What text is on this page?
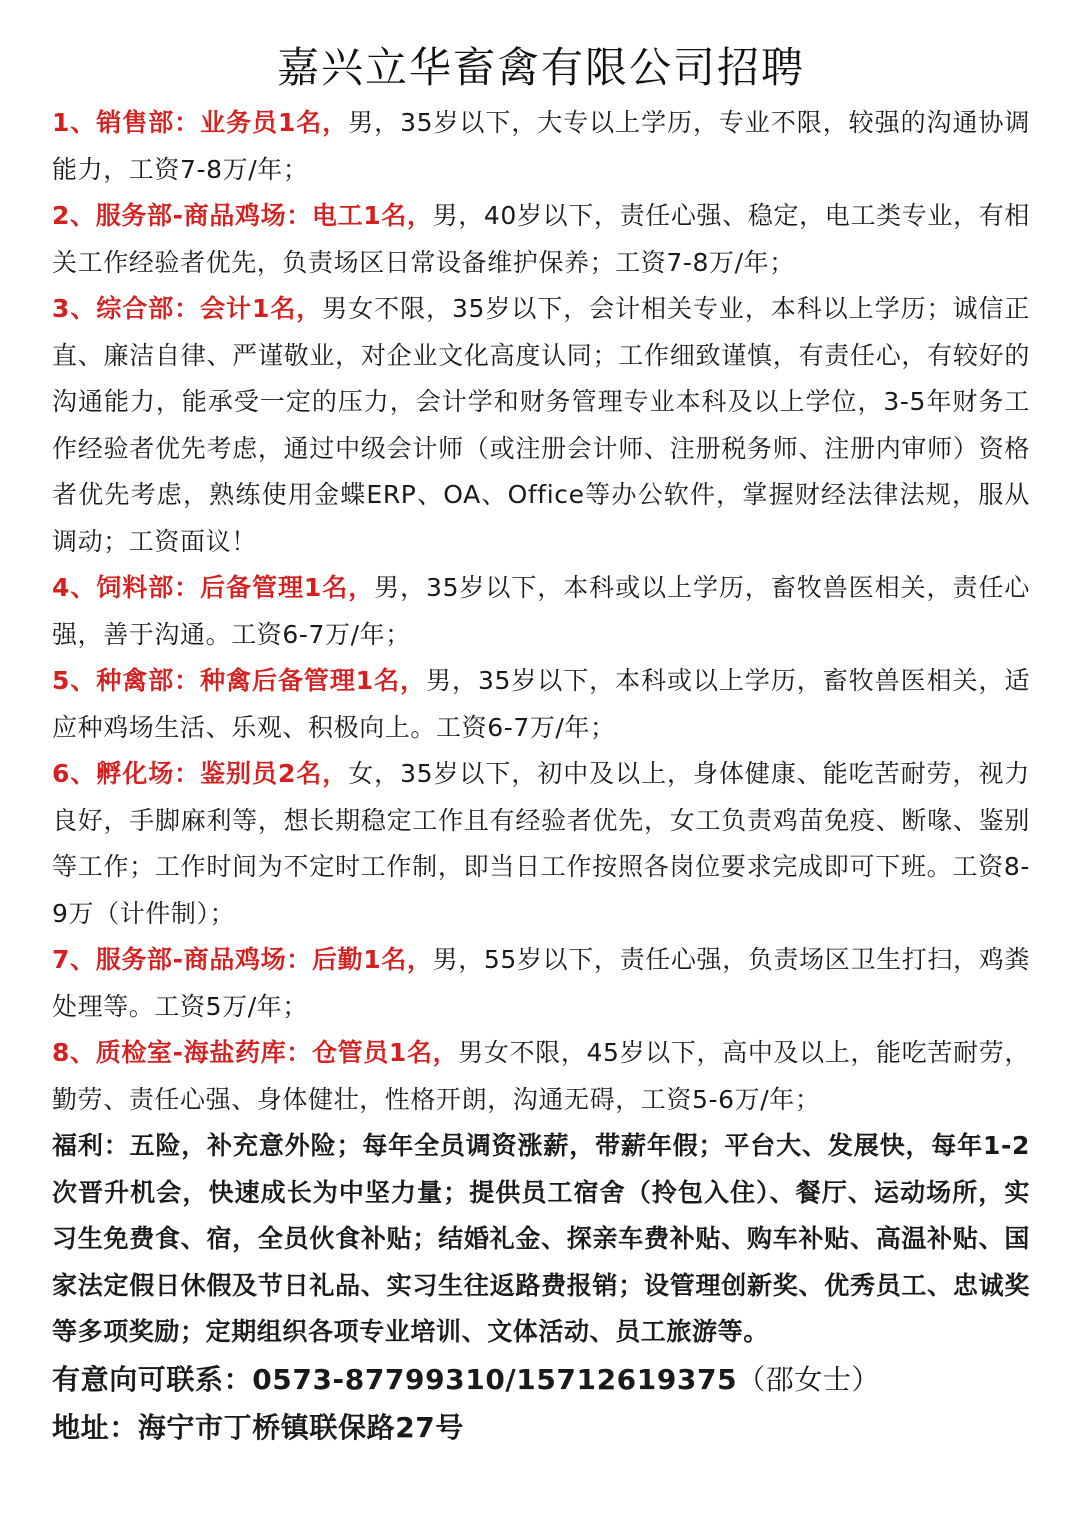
嘉兴立华畜禽有限公司招聘

1、销售部：业务员1名，男，35岁以下，大专以上学历，专业不限，较强的沟通协调能力，工资7-8万/年；

2、服务部-商品鸡场：电工1名，男，40岁以下，责任心强、稳定，电工类专业，有相关工作经验者优先，负责场区日常设备维护保养；工资7-8万/年；

3、综合部：会计1名，男女不限，35岁以下，会计相关专业，本科以上学历；诚信正直、廉洁自律、严谨敬业，对企业文化高度认同；工作细致谨慎，有责任心，有较好的沟通能力，能承受一定的压力，会计学和财务管理专业本科及以上学位，3-5年财务工作经验者优先考虑，通过中级会计师（或注册会计师、注册税务师、注册内审师）资格者优先考虑，熟练使用金蝶ERP、OA、Office等办公软件，掌握财经法律法规，服从调动；工资面议！

4、饲料部：后备管理1名，男，35岁以下，本科或以上学历，畜牧兽医相关，责任心强，善于沟通。工资6-7万/年；

5、种禽部：种禽后备管理1名，男，35岁以下，本科或以上学历，畜牧兽医相关，适应种鸡场生活、乐观、积极向上。工资6-7万/年；

6、孵化场：鉴别员2名，女，35岁以下，初中及以上，身体健康、能吃苦耐劳，视力良好，手脚麻利等，想长期稳定工作且有经验者优先，女工负责鸡苗免疫、断喙、鉴别等工作；工作时间为不定时工作制，即当日工作按照各岗位要求完成即可下班。工资8-9万（计件制）；

7、服务部-商品鸡场：后勤1名，男，55岁以下，责任心强，负责场区卫生打扫，鸡粪处理等。工资5万/年；

8、质检室-海盐药库：仓管员1名，男女不限，45岁以下，高中及以上，能吃苦耐劳，勤劳、责任心强、身体健壮，性格开朗，沟通无碍，工资5-6万/年；

福利：五险，补充意外险；每年全员调资涨薪，带薪年假；平台大、发展快，每年1-2次晋升机会，快速成长为中坚力量；提供员工宿舍（拎包入住）、餐厅、运动场所，实习生免费食、宿，全员伙食补贴；结婚礼金、探亲车费补贴、购车补贴、高温补贴、国家法定假日休假及节日礼品、实习生往返路费报销；设管理创新奖、优秀员工、忠诚奖等多项奖励；定期组织各项专业培训、文体活动、员工旅游等。

有意向可联系：0573-87799310/15712619375（邵女士）

地址：海宁市丁桥镇联保路27号
